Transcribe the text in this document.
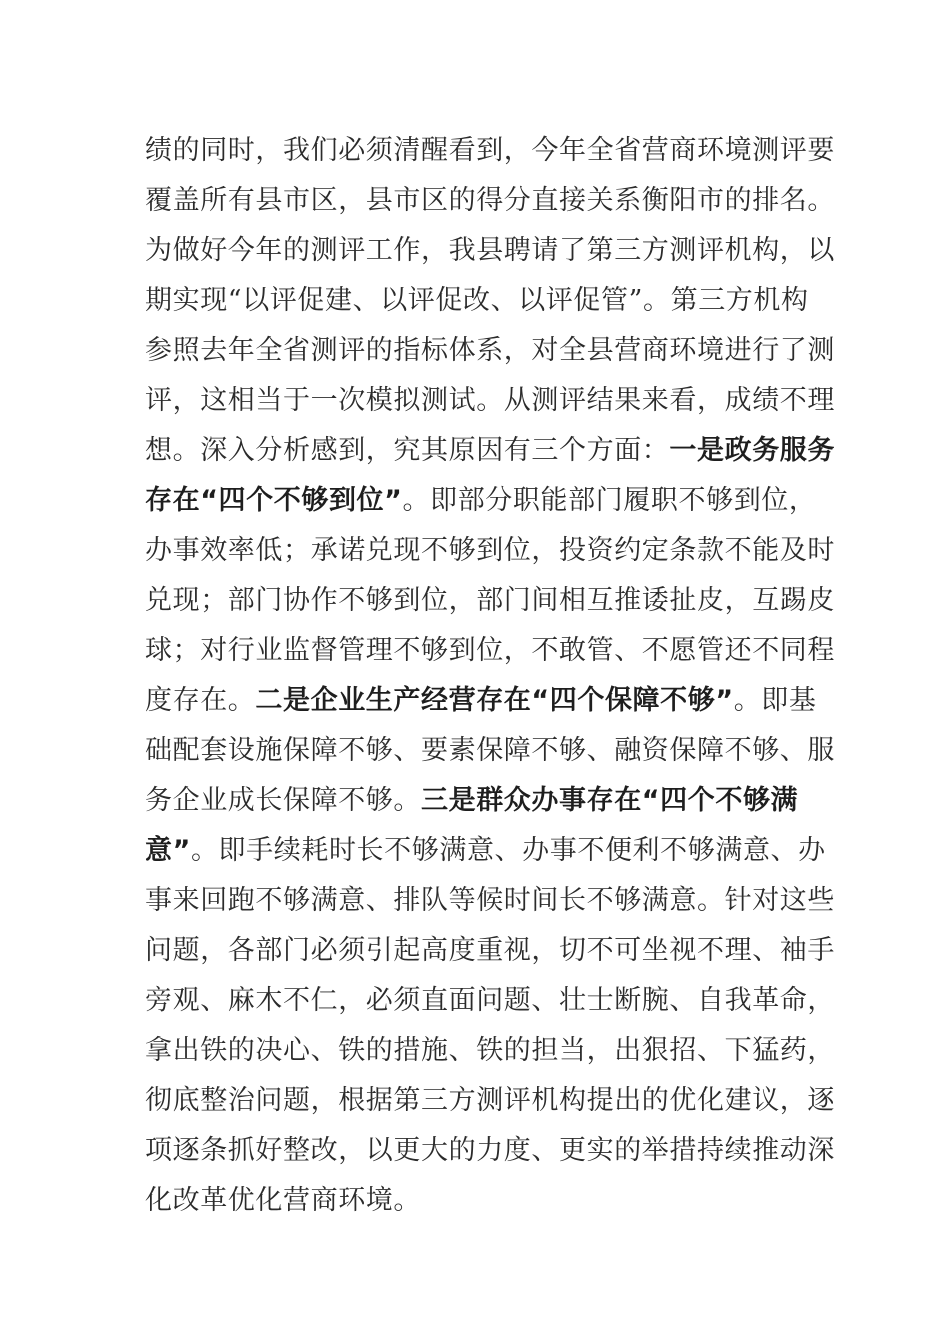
绩的同时，我们必须清醒看到，今年全省营商环境测评要
覆盖所有县市区，县市区的得分直接关系衡阳市的排名。
为做好今年的测评工作，我县聘请了第三方测评机构，以
期实现“以评促建、以评促改、以评促管”。第三方机构
参照去年全省测评的指标体系，对全县营商环境进行了测
评，这相当于一次模拟测试。从测评结果来看，成绩不理
想。深入分析感到，究其原因有三个方面：一是政务服务
存在“四个不够到位”。即部分职能部门履职不够到位，
办事效率低；承诺兑现不够到位，投资约定条款不能及时
兑现；部门协作不够到位，部门间相互推诿扯皮，互踢皮
球；对行业监督管理不够到位，不敢管、不愿管还不同程
度存在。二是企业生产经营存在“四个保障不够”。即基
础配套设施保障不够、要素保障不够、融资保障不够、服
务企业成长保障不够。三是群众办事存在“四个不够满
意”。即手续耗时长不够满意、办事不便利不够满意、办
事来回跑不够满意、排队等候时间长不够满意。针对这些
问题，各部门必须引起高度重视，切不可坐视不理、袖手
旁观、麻木不仁，必须直面问题、壮士断腕、自我革命，
拿出铁的决心、铁的措施、铁的担当，出狠招、下猛药，
彻底整治问题，根据第三方测评机构提出的优化建议，逐
项逐条抓好整改，以更大的力度、更实的举措持续推动深
化改革优化营商环境。
